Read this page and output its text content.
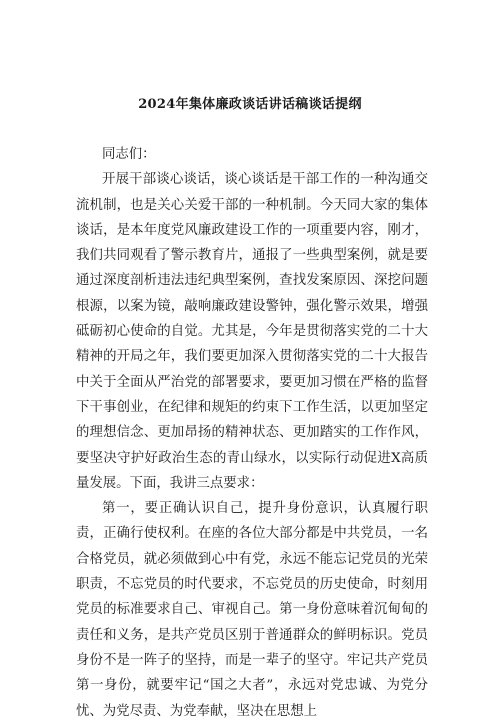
2024年集体廉政谈话讲话稿谈话提纲

同志们：

开展干部谈心谈话，谈心谈话是干部工作的一种沟通交流机制，也是关心关爱干部的一种机制。今天同大家的集体谈话，是本年度党风廉政建设工作的一项重要内容，刚才，我们共同观看了警示教育片，通报了一些典型案例，就是要通过深度剖析违法违纪典型案例，查找发案原因、深挖问题根源，以案为镜，敲响廉政建设警钟，强化警示效果，增强砥砺初心使命的自觉。尤其是，今年是贯彻落实党的二十大精神的开局之年，我们要更加深入贯彻落实党的二十大报告中关于全面从严治党的部署要求，要更加习惯在严格的监督下干事创业，在纪律和规矩的约束下工作生活，以更加坚定的理想信念、更加昂扬的精神状态、更加踏实的工作作风，要坚决守护好政治生态的青山绿水，以实际行动促进X高质量发展。下面，我讲三点要求：

第一，要正确认识自己，提升身份意识，认真履行职责，正确行使权利。在座的各位大部分都是中共党员，一名合格党员，就必须做到心中有党，永远不能忘记党员的光荣职责，不忘党员的时代要求，不忘党员的历史使命，时刻用党员的标准要求自己、审视自己。第一身份意味着沉甸甸的责任和义务，是共产党员区别于普通群众的鲜明标识。党员身份不是一阵子的坚持，而是一辈子的坚守。牢记共产党员第一身份，就要牢记“国之大者”，永远对党忠诚、为党分忧、为党尽责、为党奉献，坚决在思想上
